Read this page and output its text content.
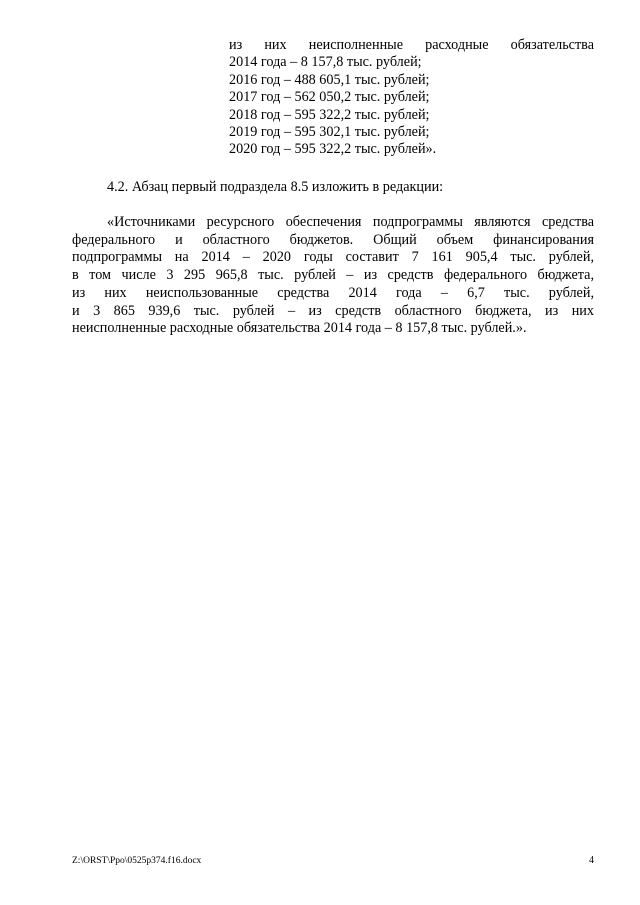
из них неисполненные расходные обязательства
2014 года – 8 157,8 тыс. рублей;
2016 год – 488 605,1 тыс. рублей;
2017 год – 562 050,2 тыс. рублей;
2018 год – 595 322,2 тыс. рублей;
2019 год – 595 302,1 тыс. рублей;
2020 год – 595 322,2 тыс. рублей».
4.2. Абзац первый подраздела 8.5 изложить в редакции:
«Источниками ресурсного обеспечения подпрограммы являются средства
федерального и областного бюджетов. Общий объем финансирования
подпрограммы на 2014 – 2020 годы составит 7 161 905,4 тыс. рублей,
в том числе 3 295 965,8 тыс. рублей – из средств федерального бюджета,
из них неиспользованные средства 2014 года – 6,7 тыс. рублей,
и 3 865 939,6 тыс. рублей – из средств областного бюджета, из них
неисполненные расходные обязательства 2014 года – 8 157,8 тыс. рублей.».
Z:\ORST\Ppo\0525p374.f16.docx	4
